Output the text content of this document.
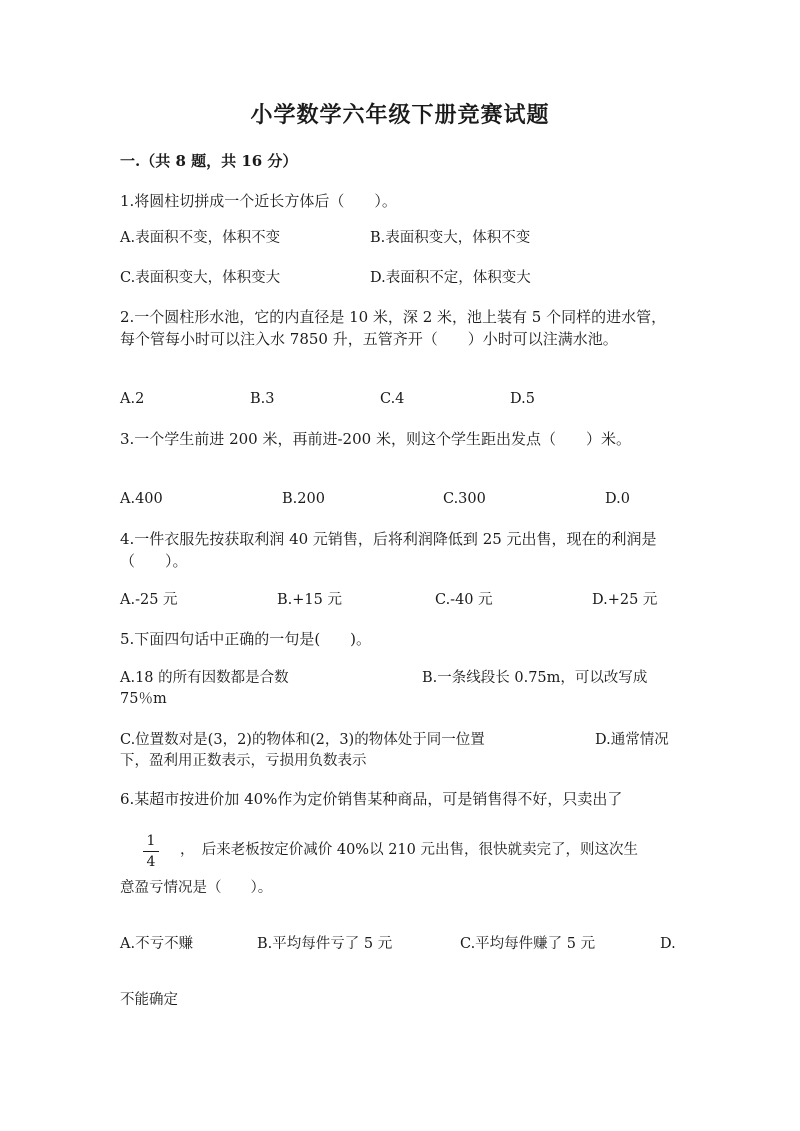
小学数学六年级下册竞赛试题
一.（共 8 题，共 16 分）
1.将圆柱切拼成一个近长方体后（　　）。
A.表面积不变，体积不变	B.表面积变大，体积不变
C.表面积变大，体积变大	D.表面积不定，体积变大
2.一个圆柱形水池，它的内直径是 10 米，深 2 米，池上装有 5 个同样的进水管，每个管每小时可以注入水 7850 升，五管齐开（　　）小时可以注满水池。
A.2	B.3	C.4	D.5
3.一个学生前进 200 米，再前进-200 米，则这个学生距出发点（　　）米。
A.400	B.200	C.300	D.0
4.一件衣服先按获取利润 40 元销售，后将利润降低到 25 元出售，现在的利润是（　　）。
A.-25 元	B.+15 元	C.-40 元	D.+25 元
5.下面四句话中正确的一句是(　　)。
A.18 的所有因数都是合数	B.一条线段长 0.75m，可以改写成
75％m
C.位置数对是(3，2)的物体和(2，3)的物体处于同一位置	D.通常情况
下，盈利用正数表示，亏损用负数表示
6.某超市按进价加 40%作为定价销售某种商品，可是销售得不好，只卖出了
1
4
，　后来老板按定价减价 40%以 210 元出售，很快就卖完了，则这次生
意盈亏情况是（　　）。
A.不亏不赚	B.平均每件亏了 5 元	C.平均每件赚了 5 元	D.
不能确定
